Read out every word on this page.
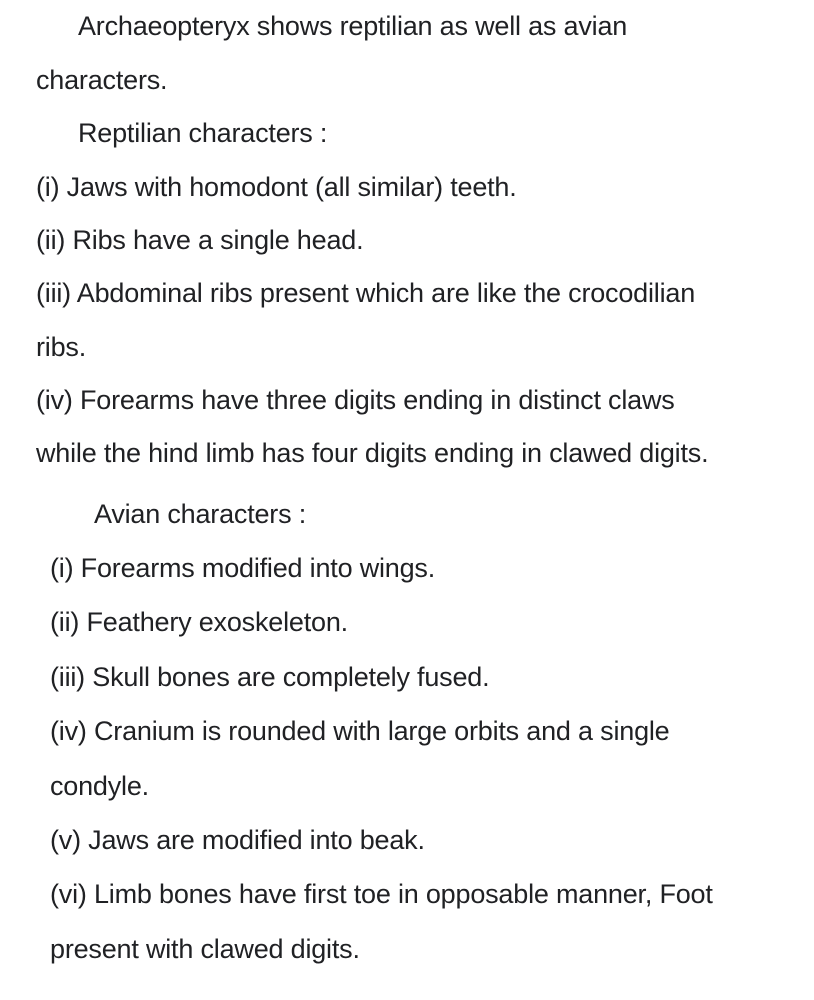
Archaeopteryx shows reptilian as well as avian
characters.
Reptilian characters :
(i) Jaws with homodont (all similar) teeth.
(ii) Ribs have a single head.
(iii) Abdominal ribs present which are like the crocodilian
ribs.
(iv) Forearms have three digits ending in distinct claws
while the hind limb has four digits ending in clawed digits.
Avian characters :
(i) Forearms modified into wings.
(ii) Feathery exoskeleton.
(iii) Skull bones are completely fused.
(iv) Cranium is rounded with large orbits and a single
condyle.
(v) Jaws are modified into beak.
(vi) Limb bones have first toe in opposable manner, Foot
present with clawed digits.
